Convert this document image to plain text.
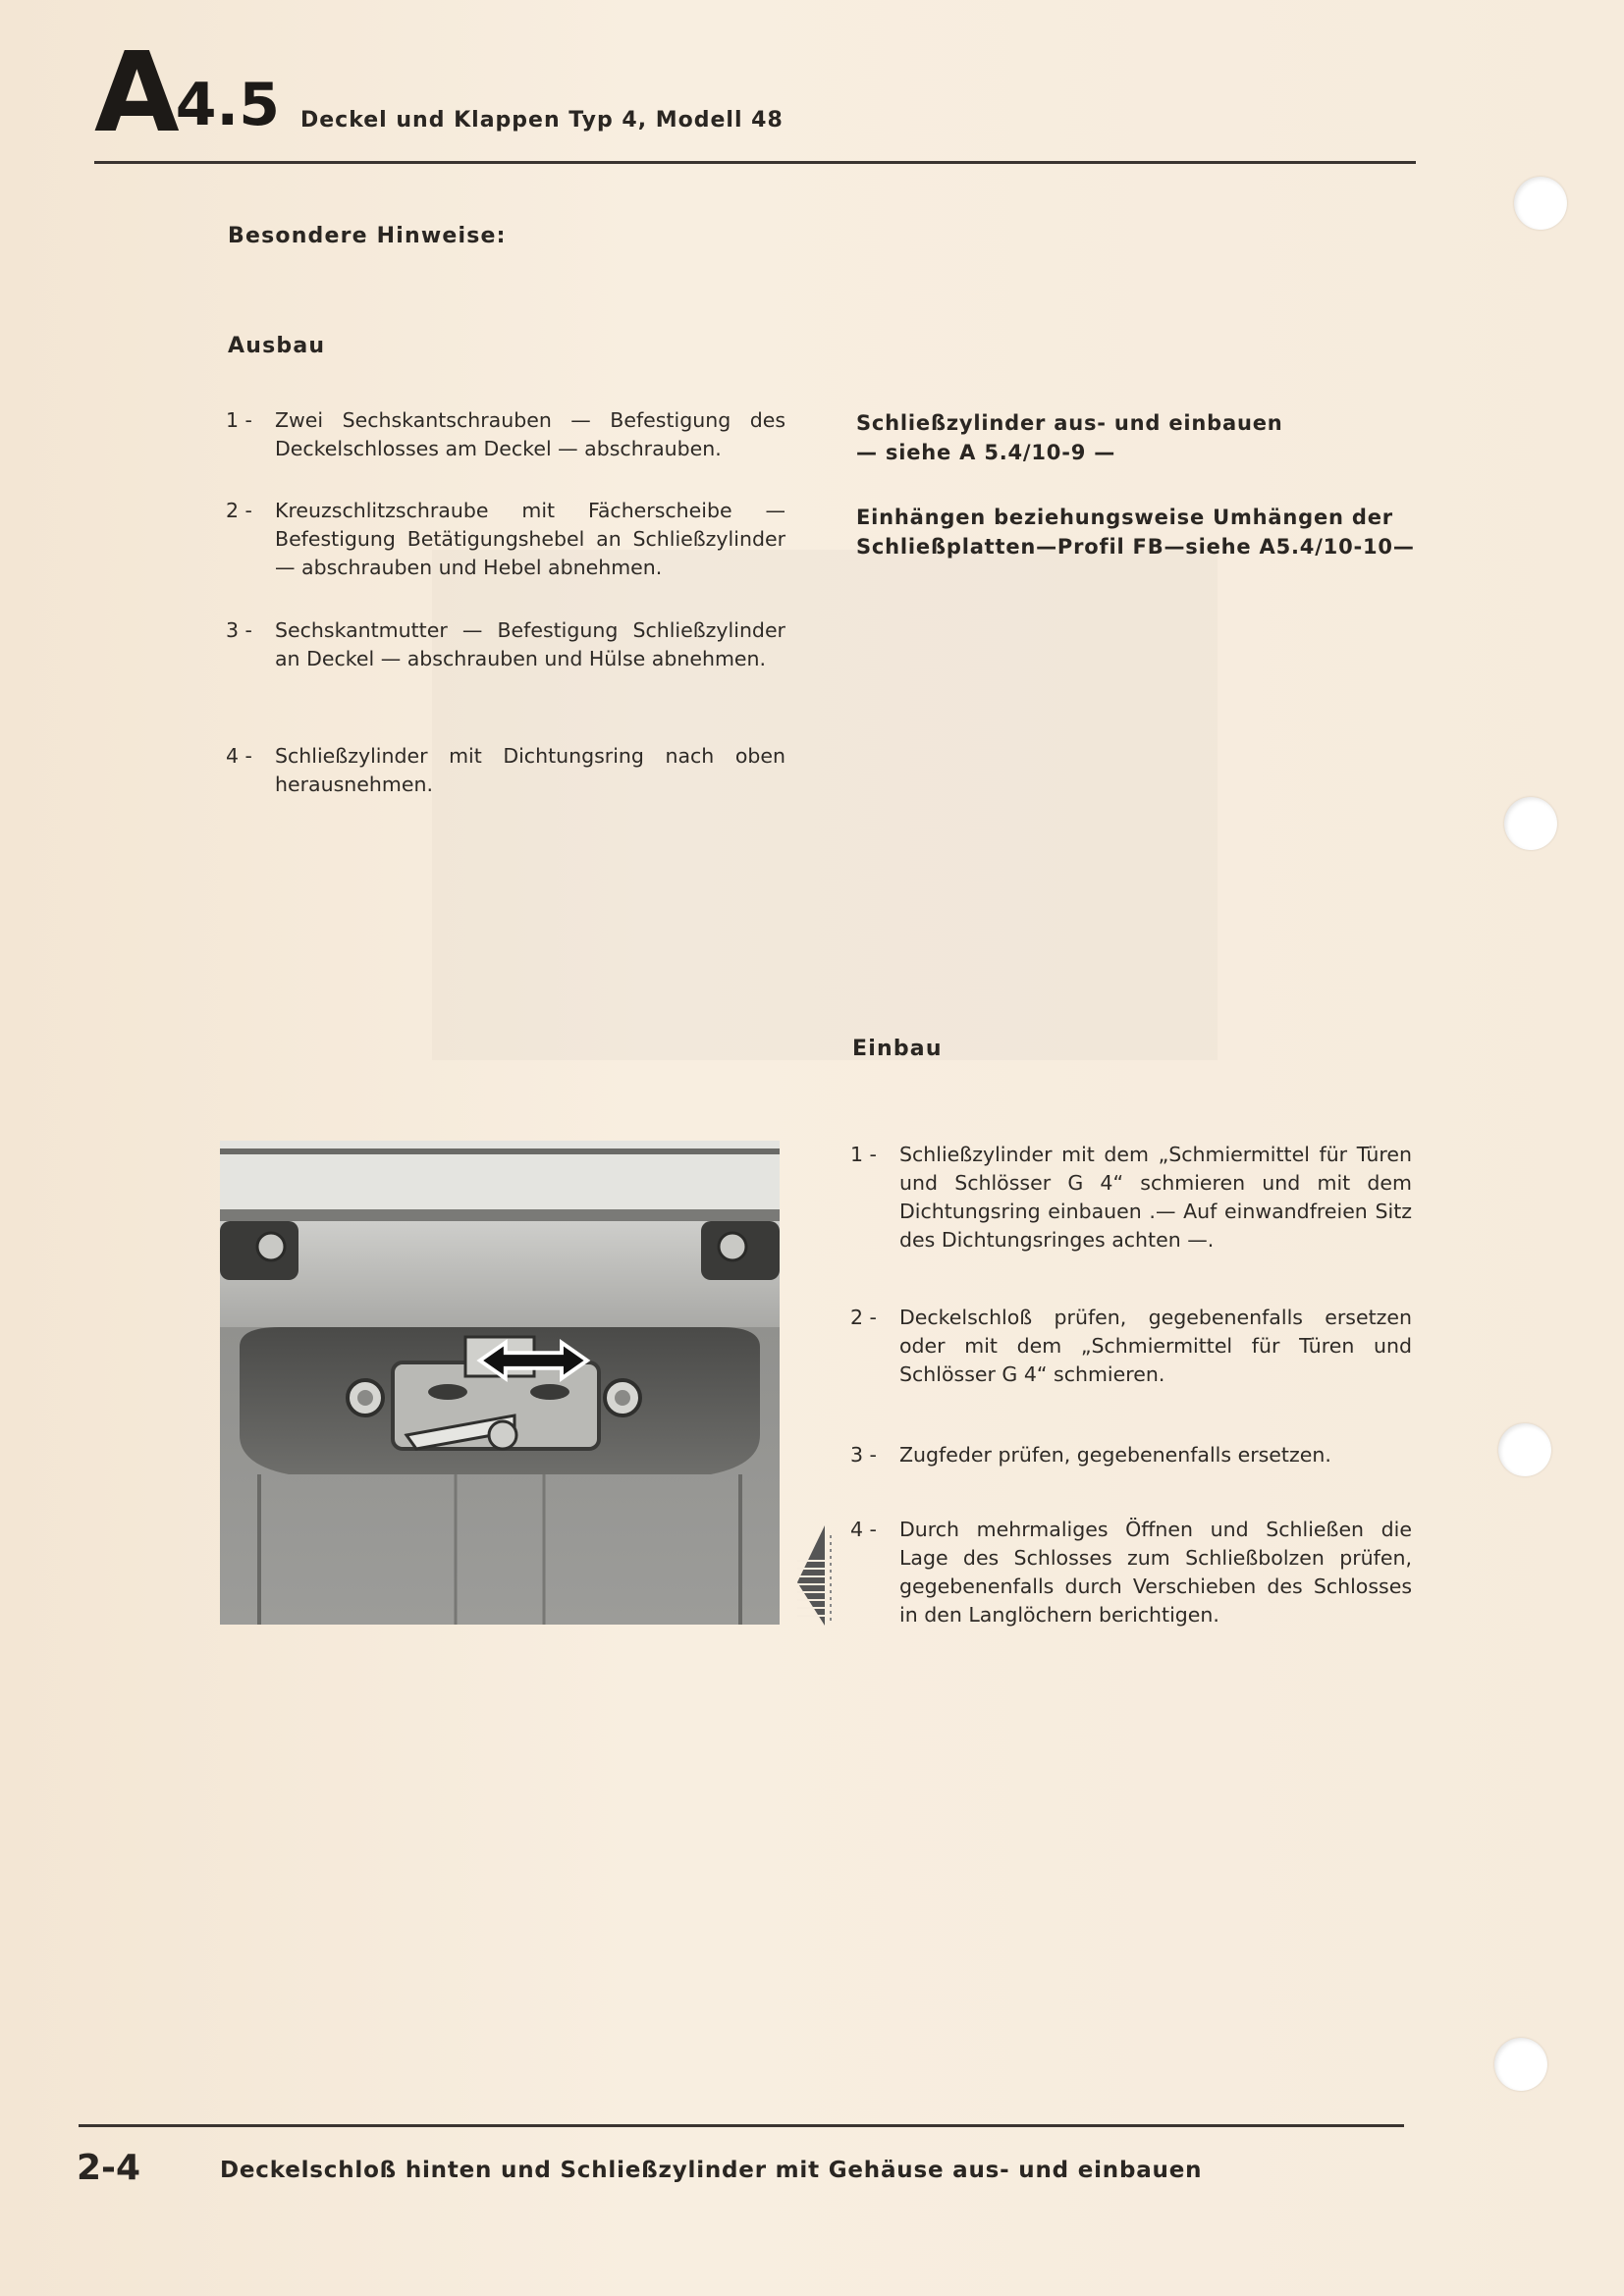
A4.5 Deckel und Klappen Typ 4, Modell 48
Besondere Hinweise:
Ausbau
1 -	Zwei Sechskantschrauben — Befestigung des Deckelschlosses am Deckel — abschrauben.
2 -	Kreuzschlitzschraube mit Fächerscheibe — Befestigung Betätigungshebel an Schließzylinder — abschrauben und Hebel abnehmen.
3 -	Sechskantmutter — Befestigung Schließzylinder an Deckel — abschrauben und Hülse abnehmen.
4 -	Schließzylinder mit Dichtungsring nach oben herausnehmen.
Schließzylinder aus- und einbauen
— siehe A 5.4/10-9 —
Einhängen beziehungsweise Umhängen der
Schließplatten—Profil FB—siehe A5.4/10-10—
Einbau
1 -	Schließzylinder mit dem „Schmiermittel für Türen und Schlösser G 4“ schmieren und mit dem Dichtungsring einbauen .— Auf einwandfreien Sitz des Dichtungsringes achten —.
2 -	Deckelschloß prüfen, gegebenenfalls ersetzen oder mit dem „Schmiermittel für Türen und Schlösser G 4“ schmieren.
3 -	Zugfeder prüfen, gegebenenfalls ersetzen.
4 -	Durch mehrmaliges Öffnen und Schließen die Lage des Schlosses zum Schließbolzen prüfen, gegebenenfalls durch Verschieben des Schlosses in den Langlöchern berichtigen.
2-4	Deckelschloß hinten und Schließzylinder mit Gehäuse aus- und einbauen
